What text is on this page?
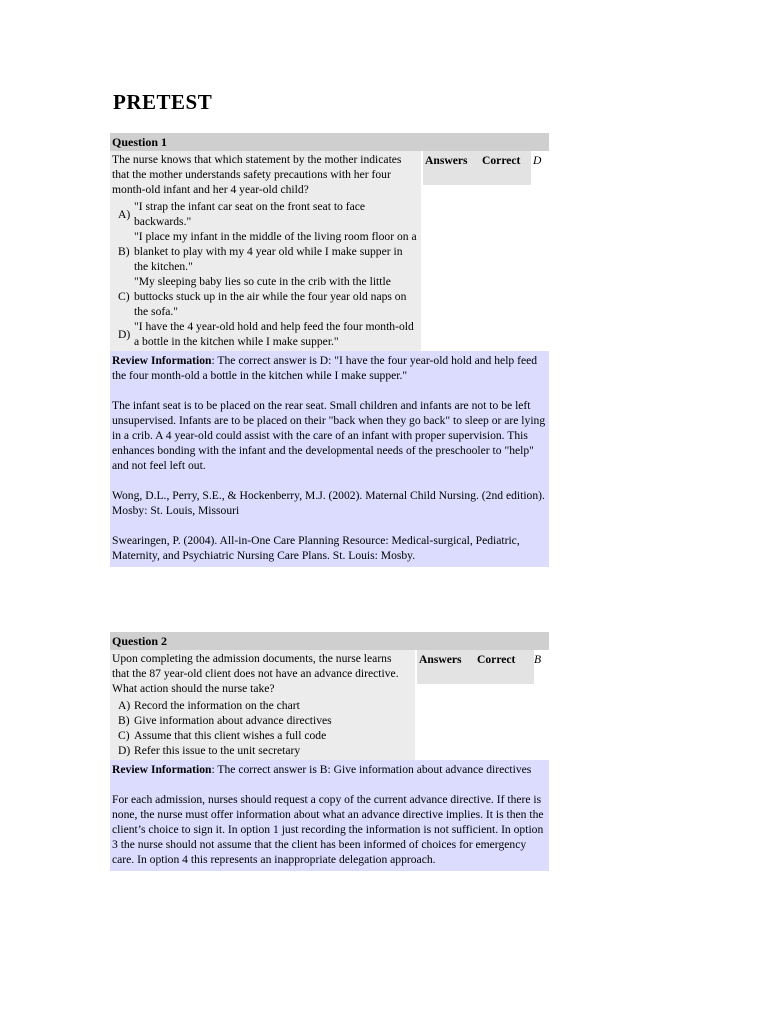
PRETEST
Question 1
The nurse knows that which statement by the mother indicates that the mother understands safety precautions with her four month-old infant and her 4 year-old child?
A)
"I strap the infant car seat on the front seat to face backwards."
B)
"I place my infant in the middle of the living room floor on a blanket to play with my 4 year old while I make supper in the kitchen."
C)
"My sleeping baby lies so cute in the crib with the little buttocks stuck up in the air while the four year old naps on the sofa."
D)
"I have the 4 year-old hold and help feed the four month-old a bottle in the kitchen while I make supper."
Answers	Correct D

Review Information: The correct answer is D: "I have the four year-old hold and help feed the four month-old a bottle in the kitchen while I make supper."

The infant seat is to be placed on the rear seat. Small children and infants are not to be left unsupervised. Infants are to be placed on their "back when they go back" to sleep or are lying in a crib. A 4 year-old could assist with the care of an infant with proper supervision. This enhances bonding with the infant and the developmental needs of the preschooler to "help" and not feel left out.

Wong, D.L., Perry, S.E., & Hockenberry, M.J. (2002). Maternal Child Nursing. (2nd edition). Mosby: St. Louis, Missouri

Swearingen, P. (2004). All-in-One Care Planning Resource: Medical-surgical, Pediatric, Maternity, and Psychiatric Nursing Care Plans. St. Louis: Mosby.

Question 2
Upon completing the admission documents, the nurse learns that the 87 year-old client does not have an advance directive. What action should the nurse take?
A) Record the information on the chart
B) Give information about advance directives
C) Assume that this client wishes a full code
D) Refer this issue to the unit secretary
Answers	Correct	B

Review Information: The correct answer is B: Give information about advance directives

For each admission, nurses should request a copy of the current advance directive. If there is none, the nurse must offer information about what an advance directive implies. It is then the client’s choice to sign it. In option 1 just recording the information is not sufficient. In option 3 the nurse should not assume that the client has been informed of choices for emergency care. In option 4 this represents an inappropriate delegation approach.
